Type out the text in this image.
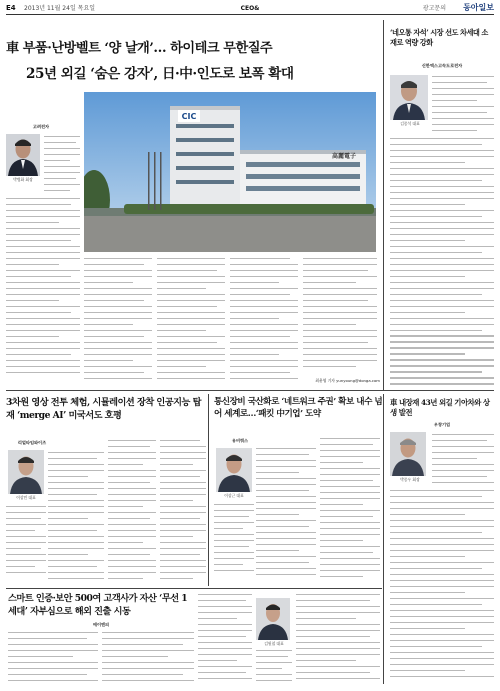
E4 2013년 11월 24일 목요일	CEO&	광고문의 동아일보
車 부품·난방벨트 ‘양 날개’… 하이테크 무한질주
25년 외길 ‘숨은 강자’, 日·中·인도로 보폭 확대
‘네오통 자석’ 시장 선도 차세대 소재로 역량 강화
신한엑스고속도로전자
김종석 대표
고려전자
박병화 회장
CIC
高麗電子
최윤영 기자 yunyoung@donga.com
3차원 영상 전투 체험, 시뮬레이션 장착 인공지능 탑재 ‘merge AI’ 미국서도 호평
리얼타임와이즈
이상민 대표
통신장비 국산화로 ‘네트워크 주권’ 확보 내수 넘어 세계로…‘패킷 中기업’ 도약
유비쿼스
이상근 대표
車 내장재 43년 외길 기아차와 상생 발전
우창기업
박종우 회장
스마트 인증·보안 500여 고객사가 자산 ‘무선 1세대’ 자부심으로 해외 진출 시동
에이엔피
김원철 대표
